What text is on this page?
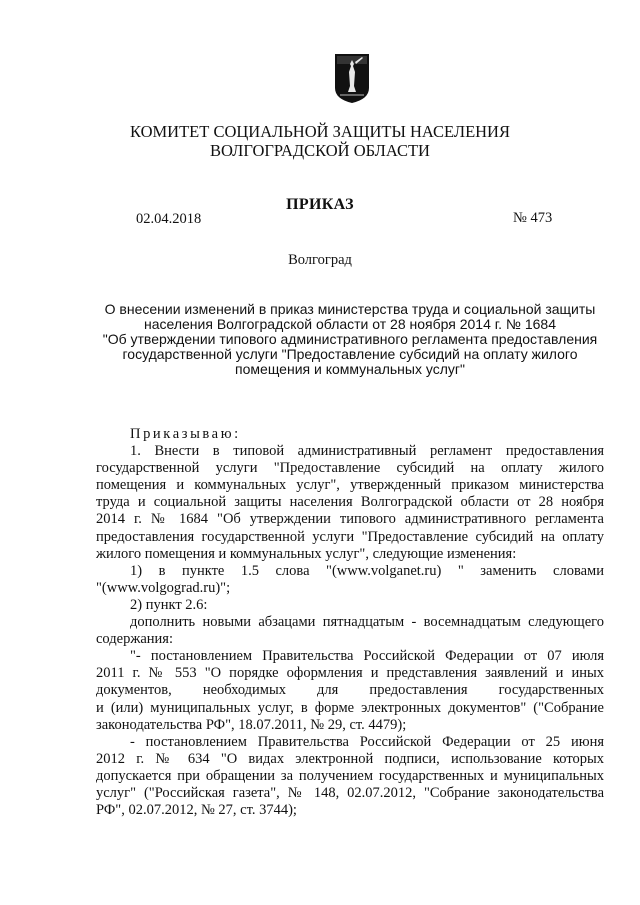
КОМИТЕТ СОЦИАЛЬНОЙ ЗАЩИТЫ НАСЕЛЕНИЯ
ВОЛГОГРАДСКОЙ ОБЛАСТИ
ПРИКАЗ
02.04.2018	№ 473
Волгоград
О внесении изменений в приказ министерства труда и социальной защиты
населения Волгоградской области от 28 ноября 2014 г. № 1684
"Об утверждении типового административного регламента предоставления
государственной услуги "Предоставление субсидий на оплату жилого
помещения и коммунальных услуг"
Приказываю:
1. Внести в типовой административный регламент предоставления
государственной услуги "Предоставление субсидий на оплату жилого
помещения и коммунальных услуг", утвержденный приказом министерства
труда и социальной защиты населения Волгоградской области от 28 ноября
2014 г. № 1684 "Об утверждении типового административного регламента
предоставления государственной услуги "Предоставление субсидий на оплату
жилого помещения и коммунальных услуг", следующие изменения:
1) в пункте 1.5 слова "(www.volganet.ru) " заменить словами
"(www.volgograd.ru)";
2) пункт 2.6:
дополнить новыми абзацами пятнадцатым - восемнадцатым следующего
содержания:
"- постановлением Правительства Российской Федерации от 07 июля
2011 г. № 553 "О порядке оформления и представления заявлений и иных
документов, необходимых для предоставления государственных
и (или) муниципальных услуг, в форме электронных документов" ("Собрание
законодательства РФ", 18.07.2011, № 29, ст. 4479);
- постановлением Правительства Российской Федерации от 25 июня
2012 г. № 634 "О видах электронной подписи, использование которых
допускается при обращении за получением государственных и муниципальных
услуг" ("Российская газета", № 148, 02.07.2012, "Собрание законодательства
РФ", 02.07.2012, № 27, ст. 3744);
